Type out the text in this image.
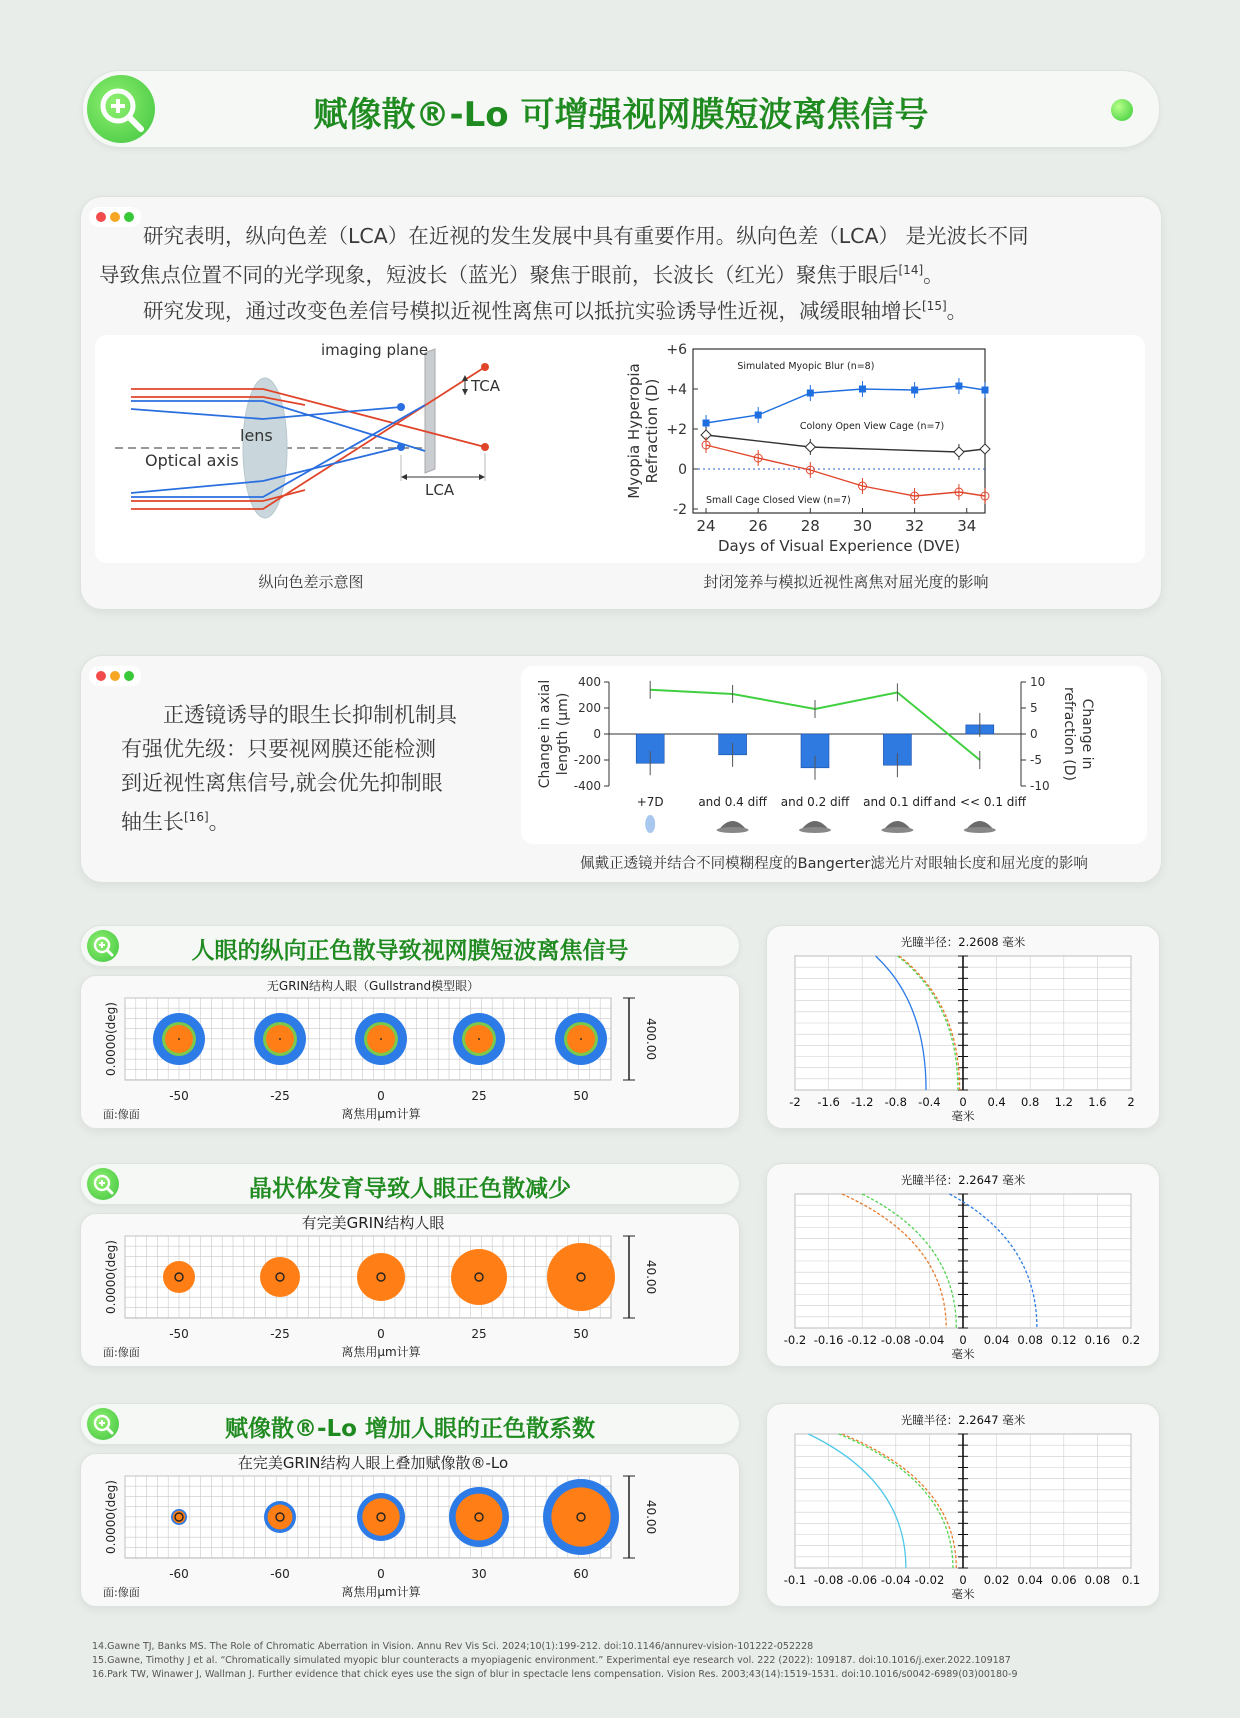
赋像散®-Lo 可增强视网膜短波离焦信号
研究表明，纵向色差（LCA）在近视的发生发展中具有重要作用。纵向色差（LCA） 是光波长不同
导致焦点位置不同的光学现象，短波长（蓝光）聚焦于眼前，长波长（红光）聚焦于眼后[14]。
研究发现，通过改变色差信号模拟近视性离焦可以抵抗实验诱导性近视，减缓眼轴增长[15]。
imaging plane
TCA
lens
Optical axis
LCA
24 26 28 30 32 34
+6
+4
+2
0
-2
Days of Visual Experience (DVE)
Myopia Hyperopia Refraction (D)
Simulated Myopic Blur (n=8)
Colony Open View Cage (n=7)
Small Cage Closed View (n=7)
纵向色差示意图	封闭笼养与模拟近视性离焦对屈光度的影响
正透镜诱导的眼生长抑制机制具
有强优先级：只要视网膜还能检测
到近视性离焦信号,就会优先抑制眼
轴生长[16]。
400
200
0
-200
-400
10
5
0
-5
-10
Change in axial length (μm)	Change in
refraction (D)
+7D	and 0.4 diff and 0.2 diff and 0.1 diff and << 0.1 diff
佩戴正透镜并结合不同模糊程度的Bangerter滤光片对眼轴长度和屈光度的影响
人眼的纵向正色散导致视网膜短波离焦信号
无GRIN结构人眼（Gullstrand模型眼）
0.0000(deg)	400.00
-50	-25	0	25	50
面:像面	离焦用μm计算
光瞳半径：2.2608 毫米
-2 -1.6 -1.2 -0.8 -0.4 0 0.4 0.8 1.2 1.6 2
毫米
晶状体发育导致人眼正色散减少
有完美GRIN结构人眼
0.0000(deg)	40.00
-50	-25	0	25	50
面:像面	离焦用μm计算
光瞳半径：2.2647 毫米
-0.2 -0.16 -0.12 -0.08 -0.04 0 0.04 0.08 0.12 0.16 0.2
毫米
赋像散®-Lo 增加人眼的正色散系数
在完美GRIN结构人眼上叠加赋像散®-Lo
0.0000(deg)	40.00
-60	-60	0	30	60
面:像面	离焦用μm计算
光瞳半径：2.2647 毫米
-0.1 -0.08 -0.06 -0.04 -0.02 0 0.02 0.04 0.06 0.08 0.1
毫米
14.Gawne TJ, Banks MS. The Role of Chromatic Aberration in Vision. Annu Rev Vis Sci. 2024;10(1):199-212. doi:10.1146/annurev-vision-101222-052228
15.Gawne, Timothy J et al. “Chromatically simulated myopic blur counteracts a myopiagenic environment.” Experimental eye research vol. 222 (2022): 109187. doi:10.1016/j.exer.2022.109187
16.Park TW, Winawer J, Wallman J. Further evidence that chick eyes use the sign of blur in spectacle lens compensation. Vision Res. 2003;43(14):1519-1531. doi:10.1016/s0042-6989(03)00180-9
